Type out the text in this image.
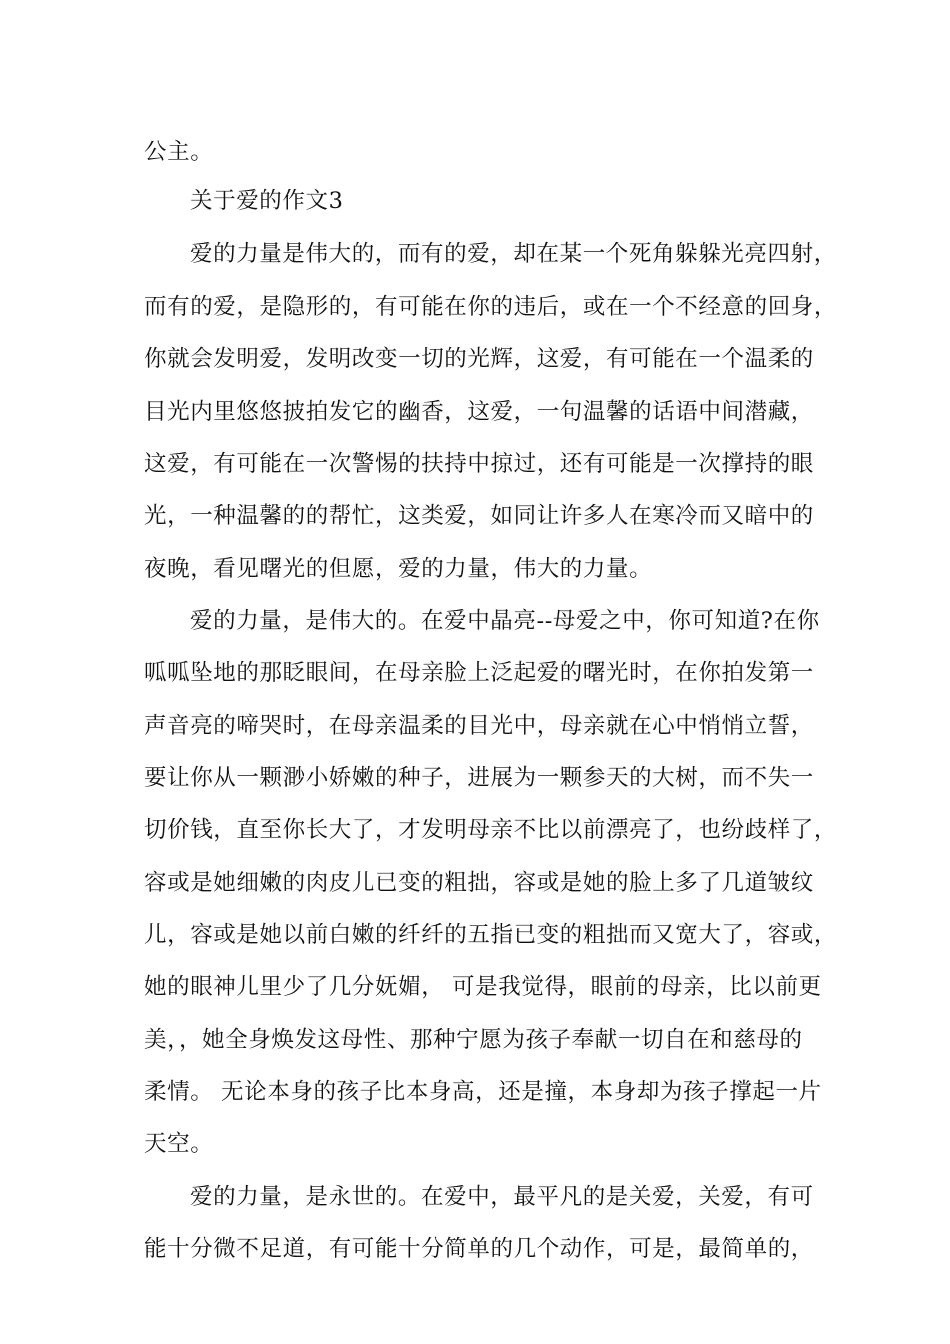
公主。
关于爱的作文3
爱的力量是伟大的，而有的爱，却在某一个死角躲躲光亮四射，
而有的爱，是隐形的，有可能在你的违后，或在一个不经意的回身，
你就会发明爱，发明改变一切的光辉，这爱，有可能在一个温柔的
目光内里悠悠披拍发它的幽香，这爱，一句温馨的话语中间潜藏，
这爱，有可能在一次警惕的扶持中掠过，还有可能是一次撑持的眼
光，一种温馨的的帮忙，这类爱，如同让许多人在寒冷而又暗中的
夜晚，看见曙光的但愿，爱的力量，伟大的力量。
爱的力量，是伟大的。在爱中晶亮--母爱之中，你可知道?在你
呱呱坠地的那眨眼间，在母亲脸上泛起爱的曙光时，在你拍发第一
声音亮的啼哭时，在母亲温柔的目光中，母亲就在心中悄悄立誓，
要让你从一颗渺小娇嫩的种子，进展为一颗参天的大树，而不失一
切价钱，直至你长大了，才发明母亲不比以前漂亮了，也纷歧样了，
容或是她细嫩的肉皮儿已变的粗拙，容或是她的脸上多了几道皱纹
儿，容或是她以前白嫩的纤纤的五指已变的粗拙而又宽大了，容或，
她的眼神儿里少了几分妩媚， 可是我觉得，眼前的母亲，比以前更
美，，她全身焕发这母性、那种宁愿为孩子奉献一切自在和慈母的
柔情。 无论本身的孩子比本身高，还是撞，本身却为孩子撑起一片
天空。
爱的力量，是永世的。在爱中，最平凡的是关爱，关爱，有可
能十分微不足道，有可能十分简单的几个动作，可是，最简单的，
